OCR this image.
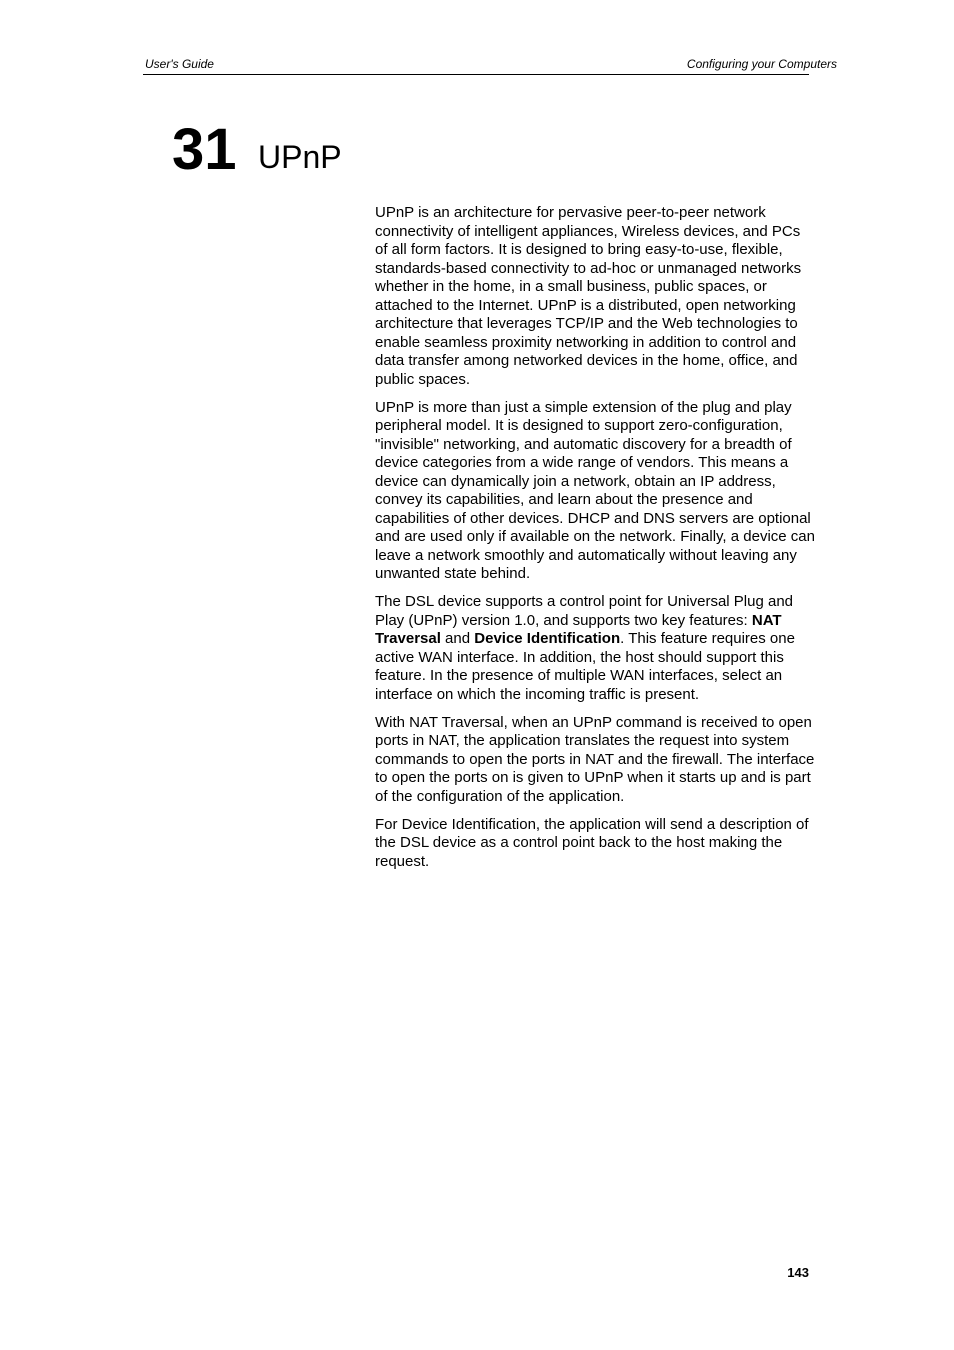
User's Guide	Configuring your Computers
31 UPnP

UPnP is an architecture for pervasive peer-to-peer network connectivity of intelligent appliances, Wireless devices, and PCs of all form factors. It is designed to bring easy-to-use, flexible, standards-based connectivity to ad-hoc or unmanaged networks whether in the home, in a small business, public spaces, or attached to the Internet. UPnP is a distributed, open networking architecture that leverages TCP/IP and the Web technologies to enable seamless proximity networking in addition to control and data transfer among networked devices in the home, office, and public spaces.

UPnP is more than just a simple extension of the plug and play peripheral model. It is designed to support zero-configuration, "invisible" networking, and automatic discovery for a breadth of device categories from a wide range of vendors. This means a device can dynamically join a network, obtain an IP address, convey its capabilities, and learn about the presence and capabilities of other devices. DHCP and DNS servers are optional and are used only if available on the network. Finally, a device can leave a network smoothly and automatically without leaving any unwanted state behind.

The DSL device supports a control point for Universal Plug and Play (UPnP) version 1.0, and supports two key features: NAT Traversal and Device Identification. This feature requires one active WAN interface. In addition, the host should support this feature. In the presence of multiple WAN interfaces, select an interface on which the incoming traffic is present.

With NAT Traversal, when an UPnP command is received to open ports in NAT, the application translates the request into system commands to open the ports in NAT and the firewall. The interface to open the ports on is given to UPnP when it starts up and is part of the configuration of the application.

For Device Identification, the application will send a description of the DSL device as a control point back to the host making the request.

143
